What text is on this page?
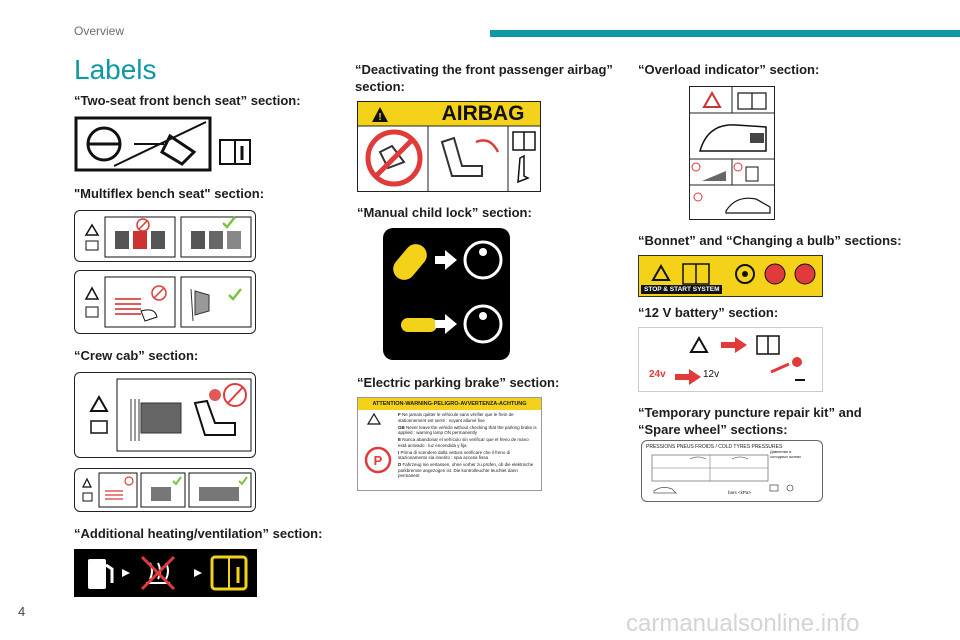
Overview
Labels
“Two-seat front bench seat” section:
"Multiflex bench seat" section:
“Crew cab” section:
“Additional heating/ventilation” section:
“Deactivating the front passenger airbag”
section:
!	AIRBAG
“Manual child lock” section:
“Electric parking brake” section:
ATTENTION-WARNING-PELIGRO-AVVERTENZA-ACHTUNG
P
F Ne jamais quitter le véhicule sans vérifier que le frein de stationnement est serré : voyant allumé fixe
GB Never leave the vehicle without checking that the parking brake is applied : warning lamp ON permanently
E Nunca abandonar el vehículo sin verificar que el freno de mano está activado : luz encendida y fija
I Prima di scendere dalla vettura verificare che il freno di stazionamento sia inserito : spia accesa fissa
D Fahrzeug nie verlassen, ohne vorher zu prüfen, ob die elektrische parkbremse angezogen ist. Die kontrolleuchte leuchtet dann permanent
“Overload indicator” section:
“Bonnet” and “Changing a bulb” sections:
STOP & START SYSTEM
“12 V battery” section:
24v	12v
“Temporary puncture repair kit” and
“Spare wheel” sections:
PRESSIONS PNEUS FROIDS / COLD TYRES PRESSURES
Давление в холодных шинах
bars <kPa>
4	carmanualsonline.info
